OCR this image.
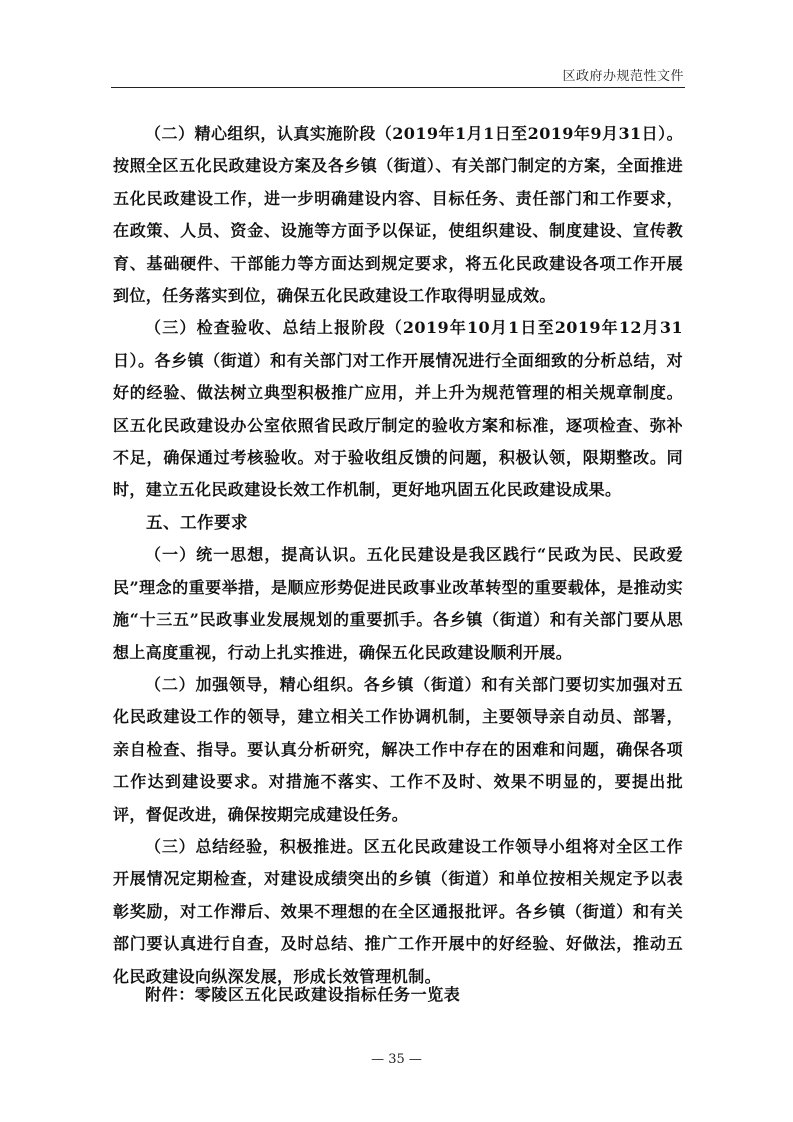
区政府办规范性文件

（二）精心组织，认真实施阶段（2019年1月1日至2019年9月31日）。按照全区五化民政建设方案及各乡镇（街道）、有关部门制定的方案，全面推进五化民政建设工作，进一步明确建设内容、目标任务、责任部门和工作要求，在政策、人员、资金、设施等方面予以保证，使组织建设、制度建设、宣传教育、基础硬件、干部能力等方面达到规定要求，将五化民政建设各项工作开展到位，任务落实到位，确保五化民政建设工作取得明显成效。

（三）检查验收、总结上报阶段（2019年10月1日至2019年12月31日）。各乡镇（街道）和有关部门对工作开展情况进行全面细致的分析总结，对好的经验、做法树立典型积极推广应用，并上升为规范管理的相关规章制度。区五化民政建设办公室依照省民政厅制定的验收方案和标准，逐项检查、弥补不足，确保通过考核验收。对于验收组反馈的问题，积极认领，限期整改。同时，建立五化民政建设长效工作机制，更好地巩固五化民政建设成果。

五、工作要求

（一）统一思想，提高认识。五化民建设是我区践行“民政为民、民政爱民”理念的重要举措，是顺应形势促进民政事业改革转型的重要载体，是推动实施“十三五”民政事业发展规划的重要抓手。各乡镇（街道）和有关部门要从思想上高度重视，行动上扎实推进，确保五化民政建设顺利开展。

（二）加强领导，精心组织。各乡镇（街道）和有关部门要切实加强对五化民政建设工作的领导，建立相关工作协调机制，主要领导亲自动员、部署，亲自检查、指导。要认真分析研究，解决工作中存在的困难和问题，确保各项工作达到建设要求。对措施不落实、工作不及时、效果不明显的，要提出批评，督促改进，确保按期完成建设任务。

（三）总结经验，积极推进。区五化民政建设工作领导小组将对全区工作开展情况定期检查，对建设成绩突出的乡镇（街道）和单位按相关规定予以表彰奖励，对工作滞后、效果不理想的在全区通报批评。各乡镇（街道）和有关部门要认真进行自查，及时总结、推广工作开展中的好经验、好做法，推动五化民政建设向纵深发展，形成长效管理机制。

附件：零陵区五化民政建设指标任务一览表
— 35 —
